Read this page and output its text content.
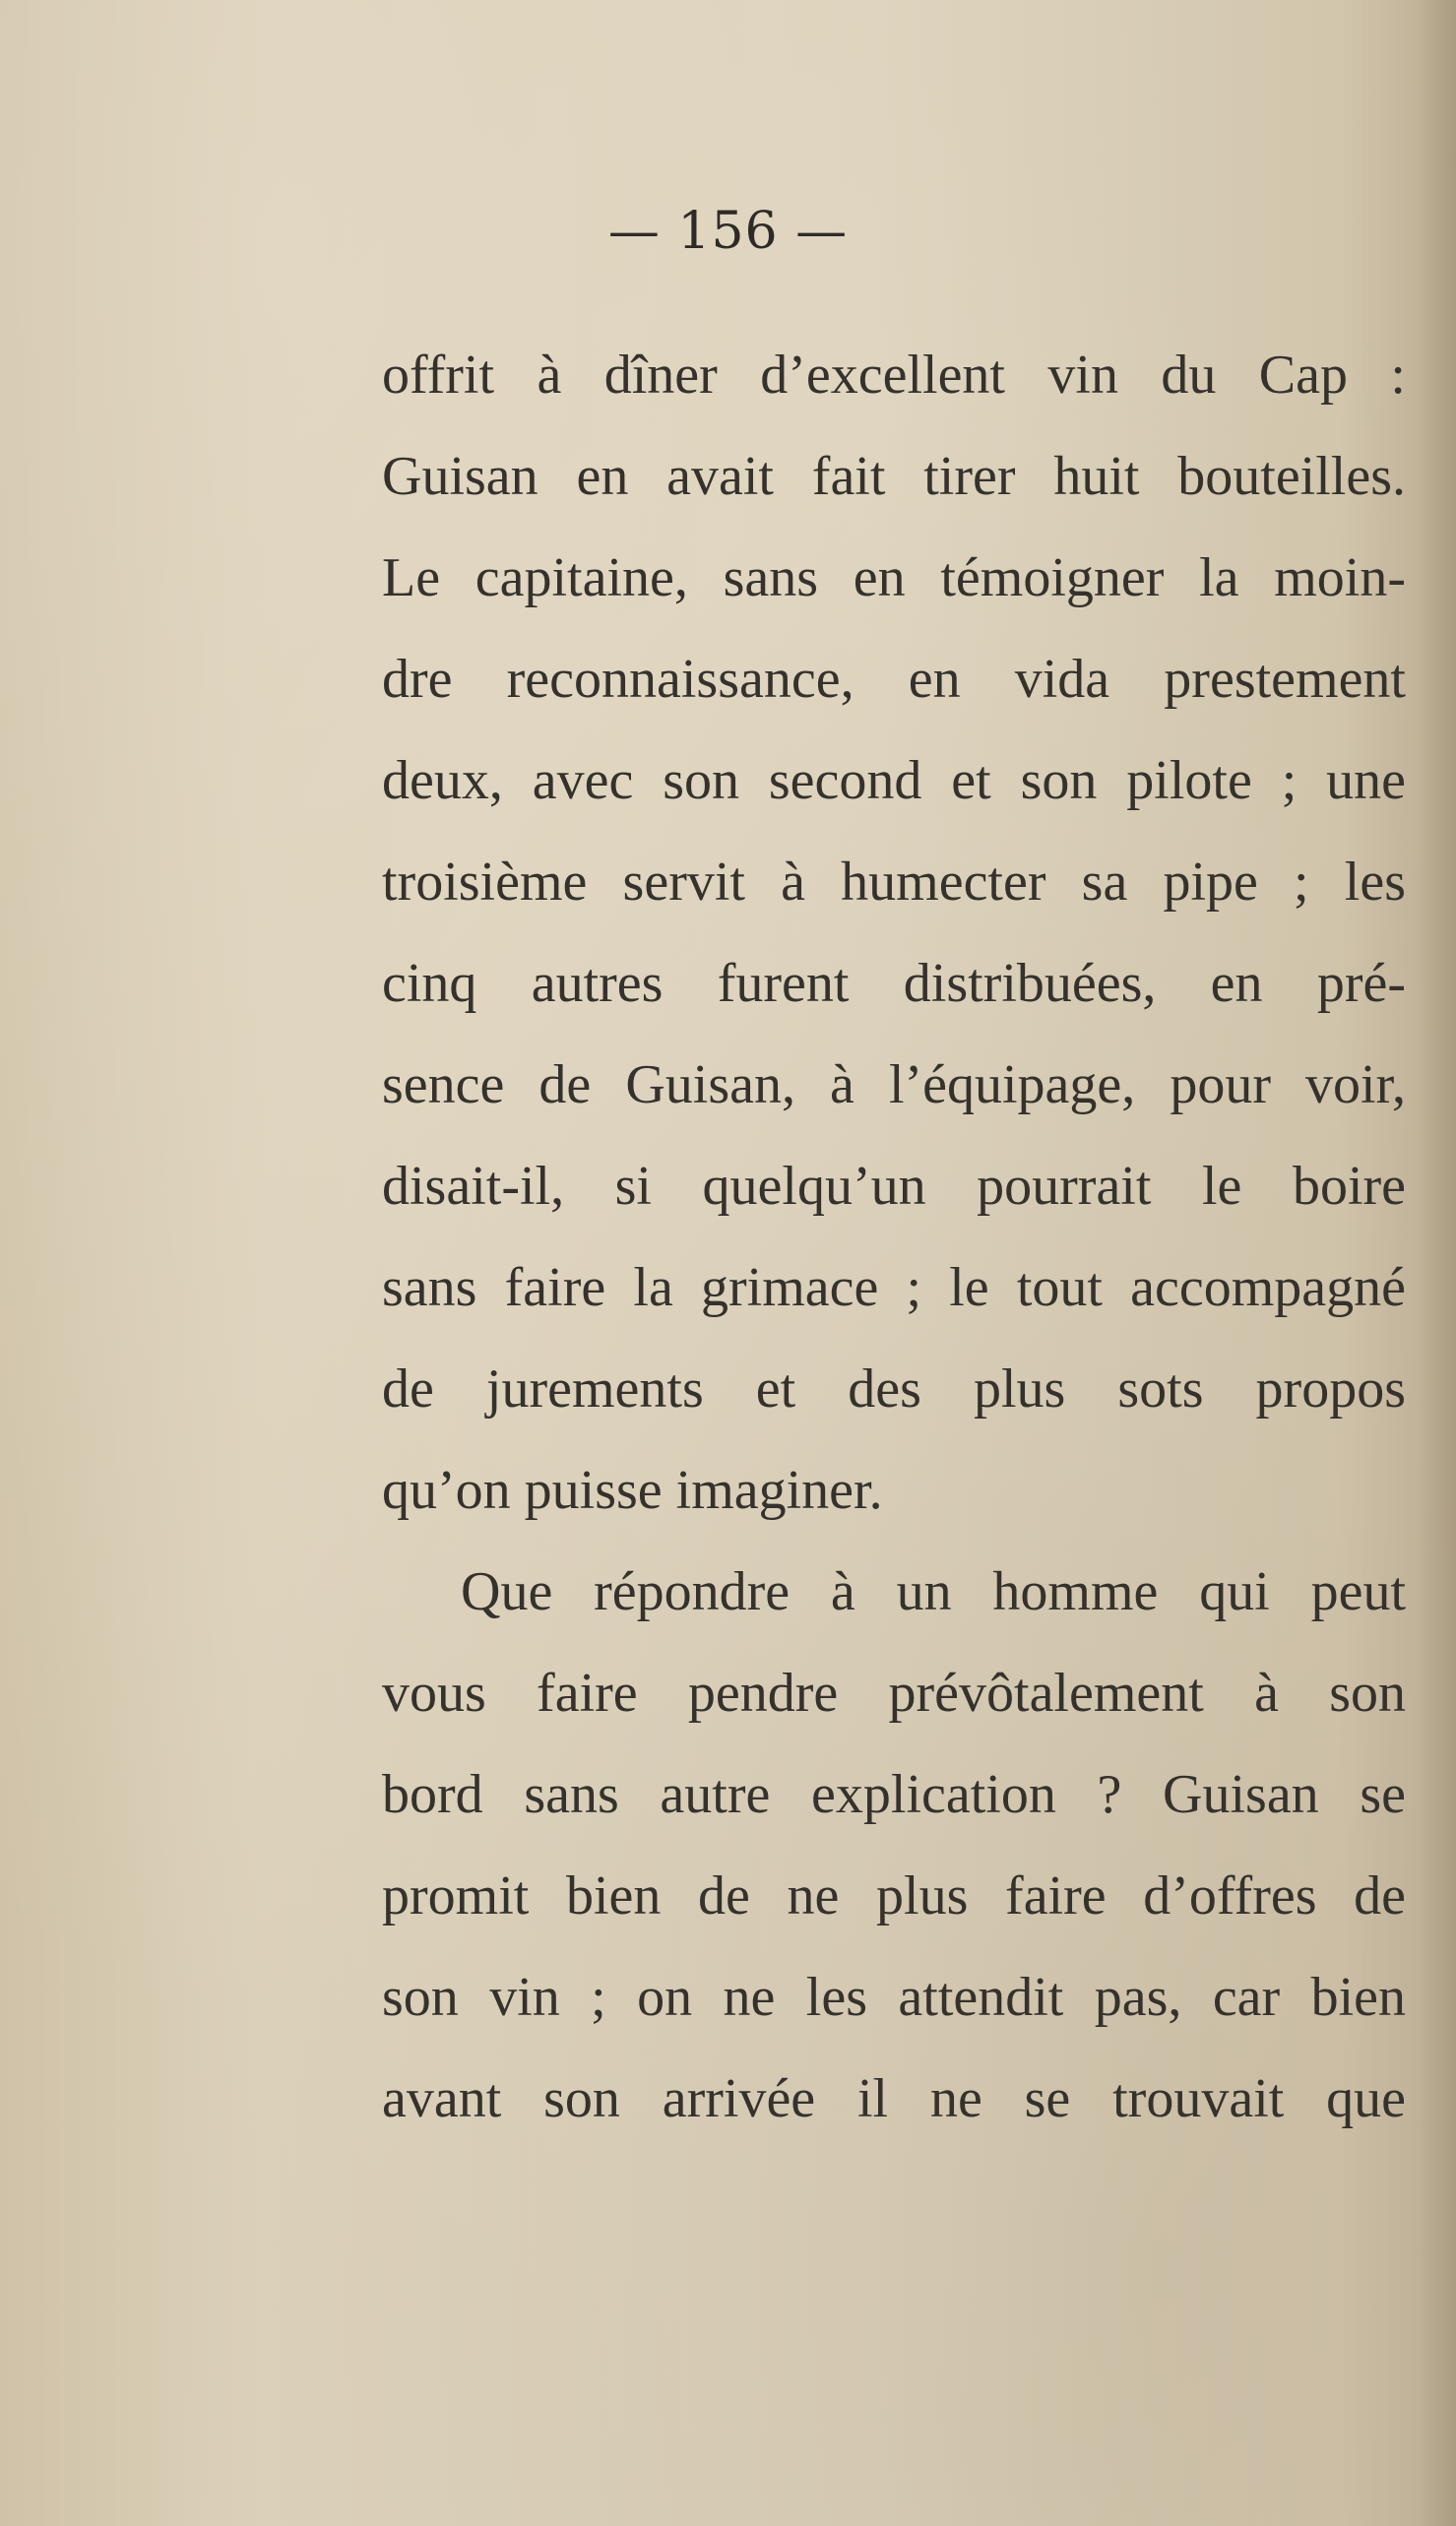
— 156 —
offrit à dîner d’excellent vin du Cap :
Guisan en avait fait tirer huit bouteilles.
Le capitaine, sans en témoigner la moin-
dre reconnaissance, en vida prestement
deux, avec son second et son pilote ; une
troisième servit à humecter sa pipe ; les
cinq autres furent distribuées, en pré-
sence de Guisan, à l’équipage, pour voir,
disait-il, si quelqu’un pourrait le boire
sans faire la grimace ; le tout accompagné
de jurements et des plus sots propos
qu’on puisse imaginer.
Que répondre à un homme qui peut
vous faire pendre prévôtalement à son
bord sans autre explication ? Guisan se
promit bien de ne plus faire d’offres de
son vin ; on ne les attendit pas, car bien
avant son arrivée il ne se trouvait que
